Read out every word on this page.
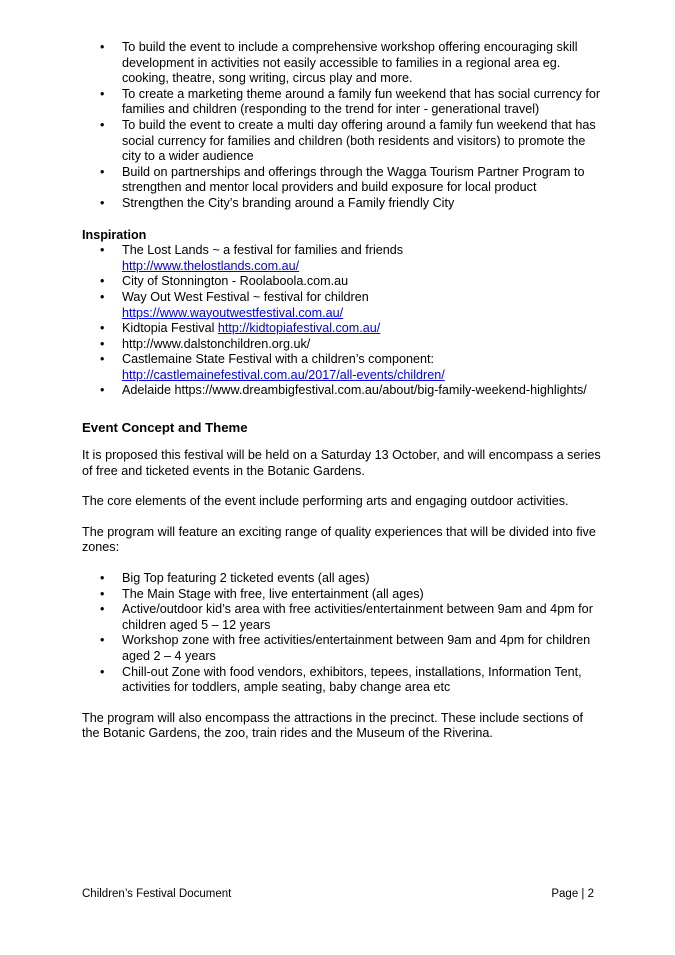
• To build the event to include a comprehensive workshop offering encouraging skill development in activities not easily accessible to families in a regional area eg. cooking, theatre, song writing, circus play and more.
• To create a marketing theme around a family fun weekend that has social currency for families and children (responding to the trend for inter - generational travel)
• To build the event to create a multi day offering around a family fun weekend that has social currency for families and children (both residents and visitors) to promote the city to a wider audience
• Build on partnerships and offerings through the Wagga Tourism Partner Program to strengthen and mentor local providers and build exposure for local product
• Strengthen the City’s branding around a Family friendly City
Inspiration
• The Lost Lands ~ a festival for families and friends
http://www.thelostlands.com.au/
• City of Stonnington - Roolaboola.com.au
• Way Out West Festival ~ festival for children
https://www.wayoutwestfestival.com.au/
• Kidtopia Festival http://kidtopiafestival.com.au/
• http://www.dalstonchildren.org.uk/
• Castlemaine State Festival with a children’s component:
http://castlemainefestival.com.au/2017/all-events/children/
• Adelaide https://www.dreambigfestival.com.au/about/big-family-weekend-highlights/
Event Concept and Theme

It is proposed this festival will be held on a Saturday 13 October, and will encompass a series of free and ticketed events in the Botanic Gardens.

The core elements of the event include performing arts and engaging outdoor activities.

The program will feature an exciting range of quality experiences that will be divided into five zones:

• Big Top featuring 2 ticketed events (all ages)
• The Main Stage with free, live entertainment (all ages)
• Active/outdoor kid’s area with free activities/entertainment between 9am and 4pm for children aged 5 – 12 years
• Workshop zone with free activities/entertainment between 9am and 4pm for children aged 2 – 4 years
• Chill-out Zone with food vendors, exhibitors, tepees, installations, Information Tent, activities for toddlers, ample seating, baby change area etc

The program will also encompass the attractions in the precinct. These include sections of the Botanic Gardens, the zoo, train rides and the Museum of the Riverina.

Children’s Festival Document	Page | 2
